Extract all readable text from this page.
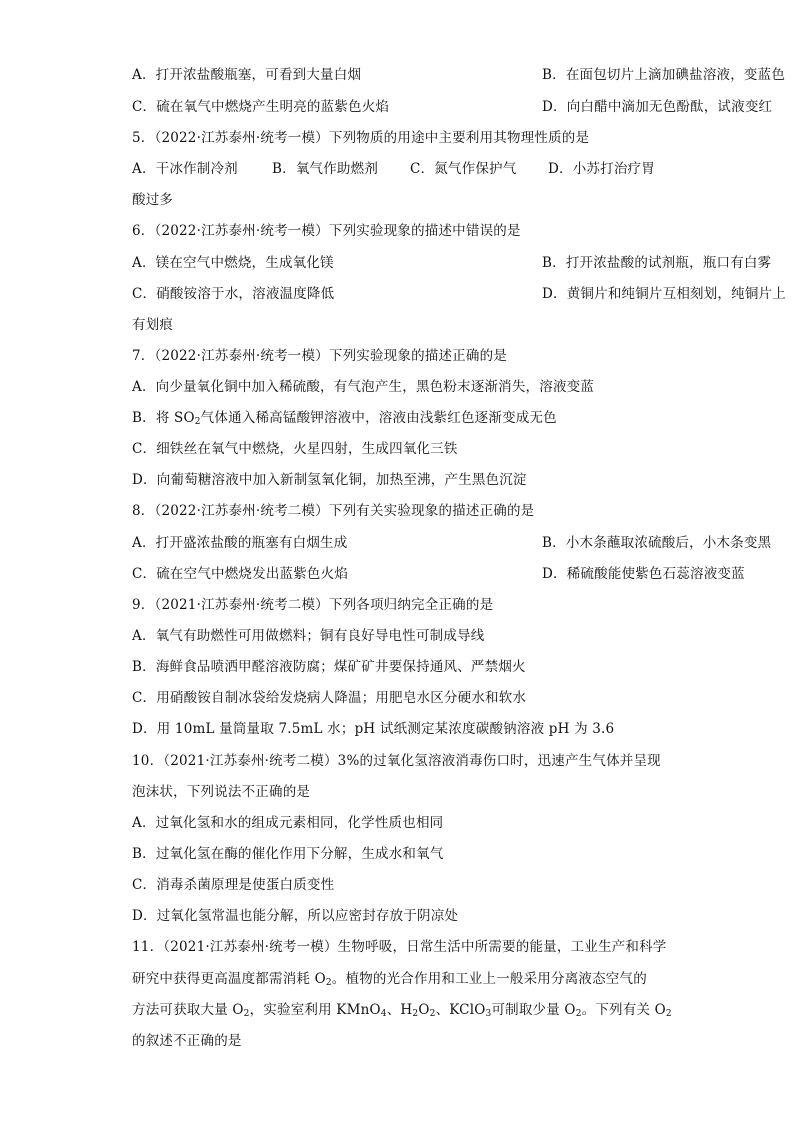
A．打开浓盐酸瓶塞，可看到大量白烟	B．在面包切片上滴加碘盐溶液，变蓝色
C．硫在氧气中燃烧产生明亮的蓝紫色火焰	D．向白醋中滴加无色酚酞，试液变红
5．（2022·江苏泰州·统考一模）下列物质的用途中主要利用其物理性质的是
A．干冰作制冷剂	B．氧气作助燃剂 C．氮气作保护气 D．小苏打治疗胃
酸过多
6．（2022·江苏泰州·统考一模）下列实验现象的描述中错误的是
A．镁在空气中燃烧，生成氧化镁	B．打开浓盐酸的试剂瓶，瓶口有白雾
C．硝酸铵溶于水，溶液温度降低	D．黄铜片和纯铜片互相刻划，纯铜片上
有划痕
7．（2022·江苏泰州·统考一模）下列实验现象的描述正确的是
A．向少量氧化铜中加入稀硫酸，有气泡产生，黑色粉末逐渐消失，溶液变蓝
B．将 $SO_2$气体通入稀高锰酸钾溶液中，溶液由浅紫红色逐渐变成无色
C．细铁丝在氧气中燃烧，火星四射，生成四氧化三铁
D．向葡萄糖溶液中加入新制氢氧化铜，加热至沸，产生黑色沉淀
8．（2022·江苏泰州·统考二模）下列有关实验现象的描述正确的是
A．打开盛浓盐酸的瓶塞有白烟生成	B．小木条蘸取浓硫酸后，小木条变黑
C．硫在空气中燃烧发出蓝紫色火焰	D．稀硫酸能使紫色石蕊溶液变蓝
9．（2021·江苏泰州·统考二模）下列各项归纳完全正确的是
A．氧气有助燃性可用做燃料；铜有良好导电性可制成导线
B．海鲜食品喷洒甲醛溶液防腐；煤矿矿井要保持通风、严禁烟火
C．用硝酸铵自制冰袋给发烧病人降温；用肥皂水区分硬水和软水
D．用 10mL 量筒量取 7.5mL 水；pH 试纸测定某浓度碳酸钠溶液 pH 为 3.6
10．（2021·江苏泰州·统考二模）3%的过氧化氢溶液消毒伤口时，迅速产生气体并呈现
泡沫状，下列说法不正确的是
A．过氧化氢和水的组成元素相同，化学性质也相同
B．过氧化氢在酶的催化作用下分解，生成水和氧气
C．消毒杀菌原理是使蛋白质变性
D．过氧化氢常温也能分解，所以应密封存放于阴凉处
11．（2021·江苏泰州·统考一模）生物呼吸，日常生活中所需要的能量，工业生产和科学
研究中获得更高温度都需消耗 $O_2$。植物的光合作用和工业上一般采用分离液态空气的
方法可获取大量 $O_2$，实验室利用 KMnO$_4$、$H_2O_2$、KClO$_3$可制取少量 $O_2$。下列有关 $O_2$
的叙述不正确的是
